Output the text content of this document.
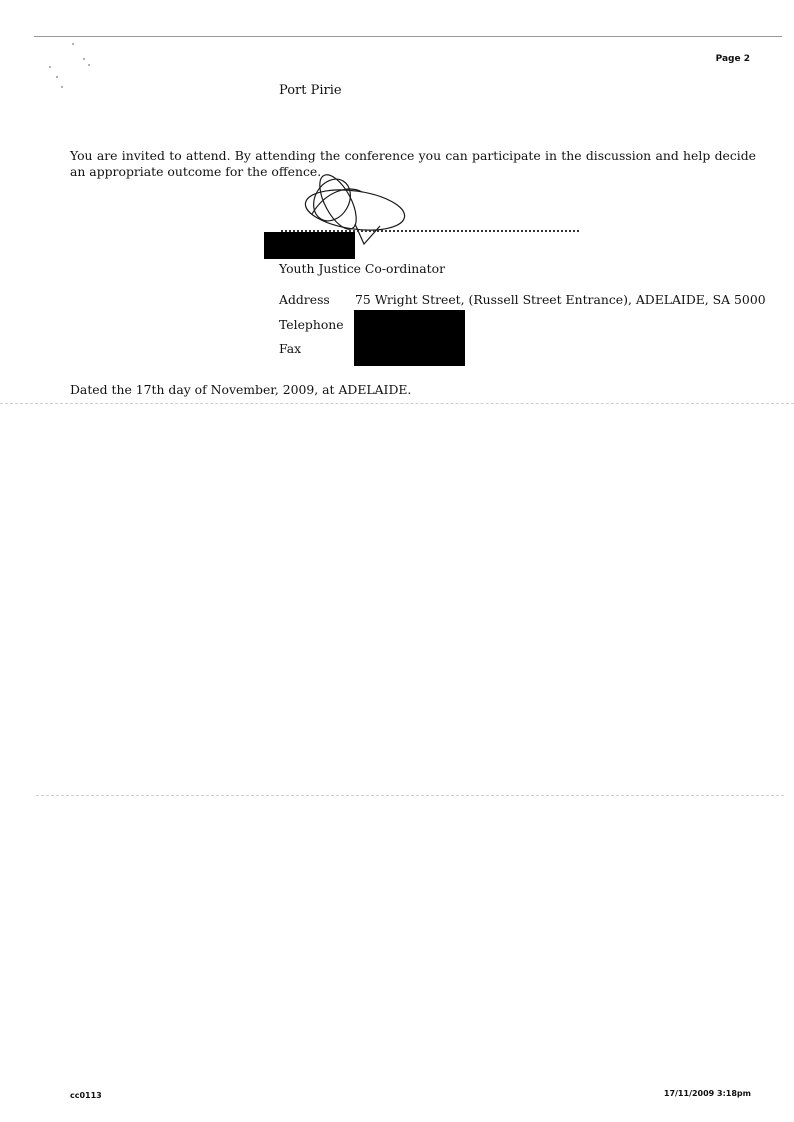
Page 2
Port Pirie
You are invited to attend. By attending the conference you can participate in the discussion and help decide an appropriate outcome for the offence.
Youth Justice Co-ordinator
Address 75 Wright Street, (Russell Street Entrance), ADELAIDE, SA 5000
Telephone
Fax
Dated the 17th day of November, 2009, at ADELAIDE.
cc0113	17/11/2009 3:18pm
